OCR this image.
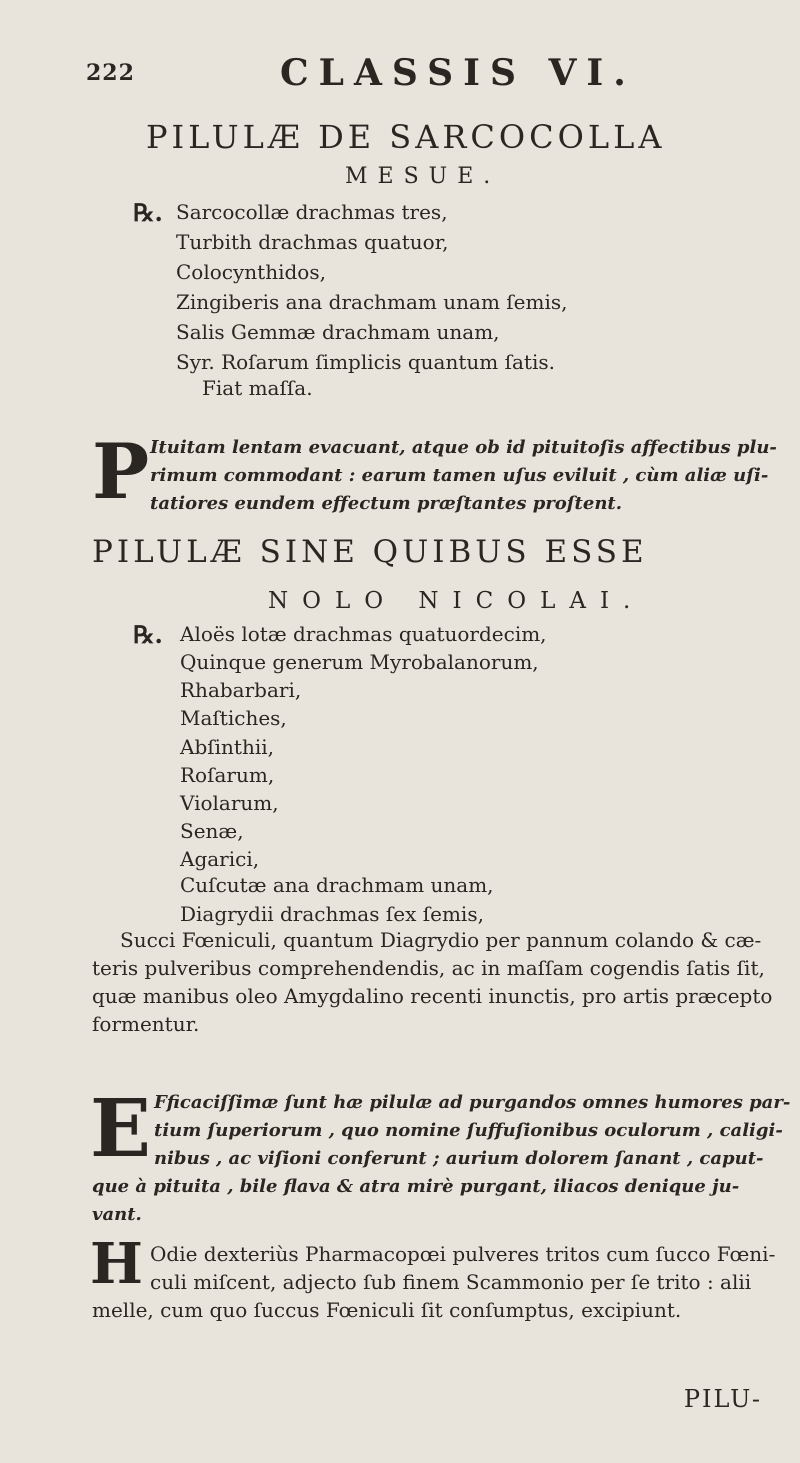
222	CLASSIS VI.
PILULÆ DE SARCOCOLLA
MESUE.
℞. Sarcocollæ drachmas tres,
Turbith drachmas quatuor,
Colocynthidos,
Zingiberis ana drachmam unam ſemis,
Salis Gemmæ drachmam unam,
Syr. Roſarum ſimplicis quantum ſatis.
Fiat maſſa.
P Ituitam lentam evacuant, atque ob id pituitoſis affectibus plu-
rimum commodant : earum tamen uſus eviluit , cùm aliæ uſi-
tatiores eundem effectum præſtantes proſtent.
PILULÆ SINE QUIBUS ESSE
NOLO NICOLAI.
℞. Aloës lotæ drachmas quatuordecim,
Quinque generum Myrobalanorum,
Rhabarbari,
Maſtiches,
Abſinthii,
Roſarum,
Violarum,
Senæ,
Agarici,
Cuſcutæ ana drachmam unam,
Diagrydii drachmas ſex ſemis,
Succi Fœniculi, quantum Diagrydio per pannum colando & cæ-
teris pulveribus comprehendendis, ac in maſſam cogendis ſatis ſit,
quæ manibus oleo Amygdalino recenti inunctis, pro artis præcepto
formentur.
E Fficaciſſimæ ſunt hæ pilulæ ad purgandos omnes humores par-
tium ſuperiorum , quo nomine ſuffuſionibus oculorum , caligi-
nibus , ac viſioni conferunt ; aurium dolorem ſanant , caput-
que à pituita , bile flava & atra mirè purgant, iliacos denique ju-
vant.
H Odie dexteriùs Pharmacopœi pulveres tritos cum ſucco Fœni-
culi miſcent, adjecto ſub finem Scammonio per ſe trito : alii
melle, cum quo ſuccus Fœniculi ſit conſumptus, excipiunt.
PILU-
